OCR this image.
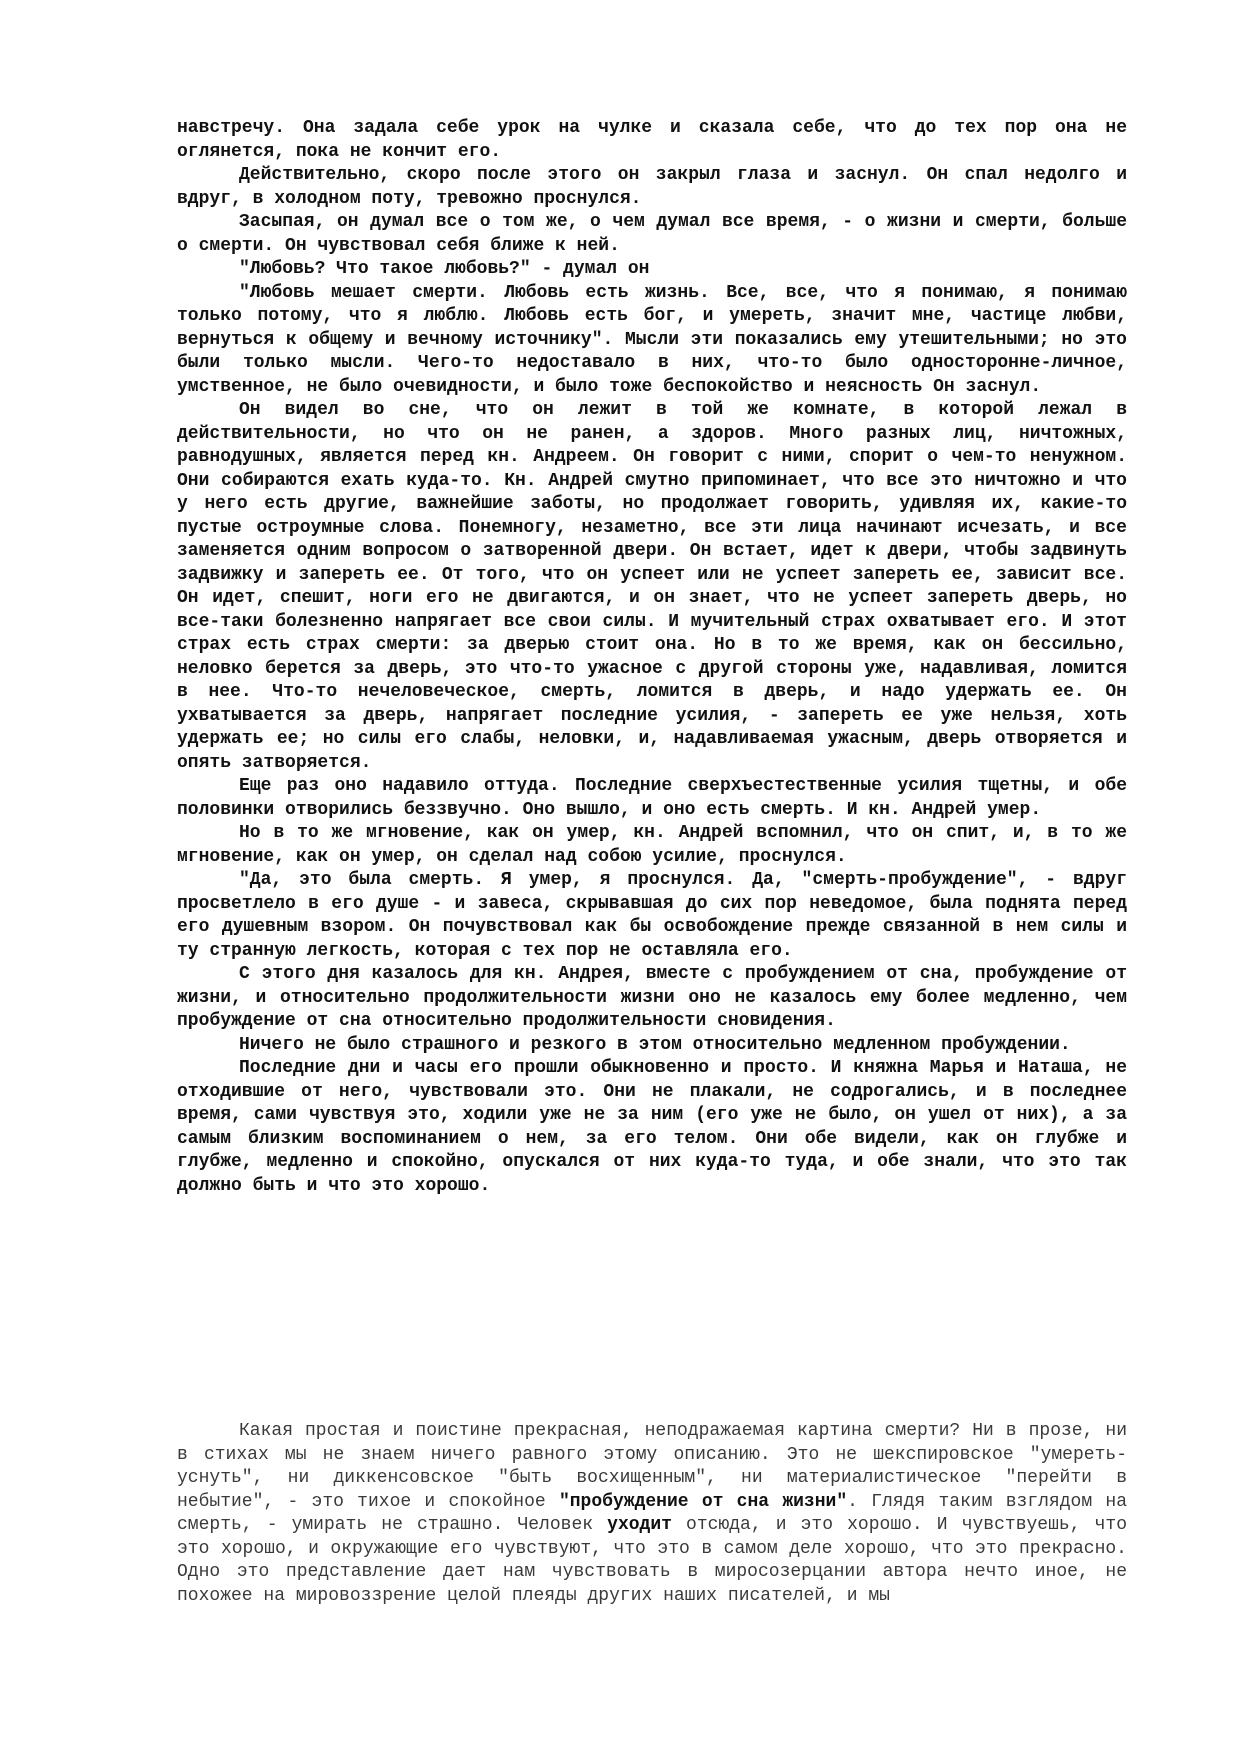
навстречу. Она задала себе урок на чулке и сказала себе, что до тех пор она не оглянется, пока не кончит его.

Действительно, скоро после этого он закрыл глаза и заснул. Он спал недолго и вдруг, в холодном поту, тревожно проснулся.

Засыпая, он думал все о том же, о чем думал все время, - о жизни и смерти, больше о смерти. Он чувствовал себя ближе к ней.

"Любовь? Что такое любовь?" - думал он

"Любовь мешает смерти. Любовь есть жизнь. Все, все, что я понимаю, я понимаю только потому, что я люблю. Любовь есть бог, и умереть, значит мне, частице любви, вернуться к общему и вечному источнику". Мысли эти показались ему утешительными; но это были только мысли. Чего-то недоставало в них, что-то было односторонне-личное, умственное, не было очевидности, и было тоже беспокойство и неясность Он заснул.

Он видел во сне, что он лежит в той же комнате, в которой лежал в действительности, но что он не ранен, а здоров. Много разных лиц, ничтожных, равнодушных, является перед кн. Андреем. Он говорит с ними, спорит о чем-то ненужном. Они собираются ехать куда-то. Кн. Андрей смутно припоминает, что все это ничтожно и что у него есть другие, важнейшие заботы, но продолжает говорить, удивляя их, какие-то пустые остроумные слова. Понемногу, незаметно, все эти лица начинают исчезать, и все заменяется одним вопросом о затворенной двери. Он встает, идет к двери, чтобы задвинуть задвижку и запереть ее. От того, что он успеет или не успеет запереть ее, зависит все. Он идет, спешит, ноги его не двигаются, и он знает, что не успеет запереть дверь, но все-таки болезненно напрягает все свои силы. И мучительный страх охватывает его. И этот страх есть страх смерти: за дверью стоит она. Но в то же время, как он бессильно, неловко берется за дверь, это что-то ужасное с другой стороны уже, надавливая, ломится в нее. Что-то нечеловеческое, смерть, ломится в дверь, и надо удержать ее. Он ухватывается за дверь, напрягает последние усилия, - запереть ее уже нельзя, хоть удержать ее; но силы его слабы, неловки, и, надавливаемая ужасным, дверь отворяется и опять затворяется.

Еще раз оно надавило оттуда. Последние сверхъестественные усилия тщетны, и обе половинки отворились беззвучно. Оно вышло, и оно есть смерть. И кн. Андрей умер.

Но в то же мгновение, как он умер, кн. Андрей вспомнил, что он спит, и, в то же мгновение, как он умер, он сделал над собою усилие, проснулся.

"Да, это была смерть. Я умер, я проснулся. Да, "смерть-пробуждение", - вдруг просветлело в его душе - и завеса, скрывавшая до сих пор неведомое, была поднята перед его душевным взором. Он почувствовал как бы освобождение прежде связанной в нем силы и ту странную легкость, которая с тех пор не оставляла его.

С этого дня казалось для кн. Андрея, вместе с пробуждением от сна, пробуждение от жизни, и относительно продолжительности жизни оно не казалось ему более медленно, чем пробуждение от сна относительно продолжительности сновидения.

Ничего не было страшного и резкого в этом относительно медленном пробуждении.

Последние дни и часы его прошли обыкновенно и просто. И княжна Марья и Наташа, не отходившие от него, чувствовали это. Они не плакали, не содрогались, и в последнее время, сами чувствуя это, ходили уже не за ним (его уже не было, он ушел от них), а за самым близким воспоминанием о нем, за его телом. Они обе видели, как он глубже и глубже, медленно и спокойно, опускался от них куда-то туда, и обе знали, что это так должно быть и что это хорошо.

Какая простая и поистине прекрасная, неподражаемая картина смерти? Ни в прозе, ни в стихах мы не знаем ничего равного этому описанию. Это не шекспировское "умереть-уснуть", ни диккенсовское "быть восхищенным", ни материалистическое "перейти в небытие", - это тихое и спокойное "пробуждение от сна жизни". Глядя таким взглядом на смерть, - умирать не страшно. Человек уходит отсюда, и это хорошо. И чувствуешь, что это хорошо, и окружающие его чувствуют, что это в самом деле хорошо, что это прекрасно. Одно это представление дает нам чувствовать в миросозерцании автора нечто иное, не похожее на мировоззрение целой плеяды других наших писателей, и мы
